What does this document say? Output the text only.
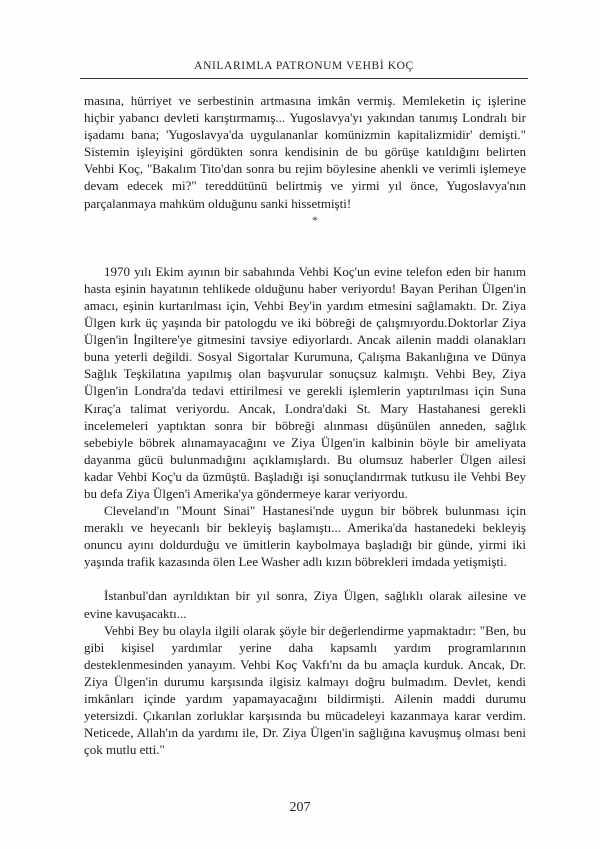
ANILARIMLA PATRONUM VEHBİ KOÇ

masına, hürriyet ve serbestinin artmasına imkân vermiş. Memleketin iç işlerine hiçbir yabancı devleti karıştırmamış... Yugoslavya'yı yakından tanımış Londralı bir işadamı bana; 'Yugoslavya'da uygulananlar komünizmin kapitalizmidir' demişti." Sistemin işleyişini gördükten sonra kendisinin de bu görüşe katıldığını belirten Vehbi Koç, "Bakalım Tito'dan sonra bu rejim böylesine ahenkli ve verimli işlemeye devam edecek mi?" tereddütünü belirtmiş ve yirmi yıl önce, Yugoslavya'nın parçalanmaya mahküm olduğunu sanki hissetmişti!

*

1970 yılı Ekim ayının bir sabahında Vehbi Koç'un evine telefon eden bir hanım hasta eşinin hayatının tehlikede olduğunu haber veriyordu! Bayan Perihan Ülgen'in amacı, eşinin kurtarılması için, Vehbi Bey'in yardım etmesini sağlamaktı. Dr. Ziya Ülgen kırk üç yaşında bir patologdu ve iki böbreği de çalışmıyordu.Doktorlar Ziya Ülgen'in İngiltere'ye gitmesini tavsiye ediyorlardı. Ancak ailenin maddi olanakları buna yeterli değildi. Sosyal Sigortalar Kurumuna, Çalışma Bakanlığına ve Dünya Sağlık Teşkilatına yapılmış olan başvurular sonuçsuz kalmıştı. Vehbi Bey, Ziya Ülgen'in Londra'da tedavi ettirilmesi ve gerekli işlemlerin yaptırılması için Suna Kıraç'a talimat veriyordu. Ancak, Londra'daki St. Mary Hastahanesi gerekli incelemeleri yaptıktan sonra bir böbreği alınması düşünülen anneden, sağlık sebebiyle böbrek alınamayacağını ve Ziya Ülgen'in kalbinin böyle bir ameliyata dayanma gücü bulunmadığını açıklamışlardı. Bu olumsuz haberler Ülgen ailesi kadar Vehbi Koç'u da üzmüştü. Başladığı işi sonuçlandırmak tutkusu ile Vehbi Bey bu defa Ziya Ülgen'i Amerika'ya göndermeye karar veriyordu.

Cleveland'ın "Mount Sinai" Hastanesi'nde uygun bir böbrek bulunması için meraklı ve heyecanlı bir bekleyiş başlamıştı... Amerika'da hastanedeki bekleyiş onuncu ayını doldurduğu ve ümitlerin kaybolmaya başladığı bir günde, yirmi iki yaşında trafik kazasında ölen Lee Washer adlı kızın böbrekleri imdada yetişmişti.

İstanbul'dan ayrıldıktan bir yıl sonra, Ziya Ülgen, sağlıklı olarak ailesine ve evine kavuşacaktı...

Vehbi Bey bu olayla ilgili olarak şöyle bir değerlendirme yapmaktadır: "Ben, bu gibi kişisel yardımlar yerine daha kapsamlı yardım programlarının desteklenmesinden yanayım. Vehbi Koç Vakfı'nı da bu amaçla kurduk. Ancak, Dr. Ziya Ülgen'in durumu karşısında ilgisiz kalmayı doğru bulmadım. Devlet, kendi imkânları içinde yardım yapamayacağını bildirmişti. Ailenin maddi durumu yetersizdi. Çıkarılan zorluklar karşısında bu mücadeleyi kazanmaya karar verdim. Neticede, Allah'ın da yardımı ile, Dr. Ziya Ülgen'in sağlığına kavuşmuş olması beni çok mutlu etti."

207
